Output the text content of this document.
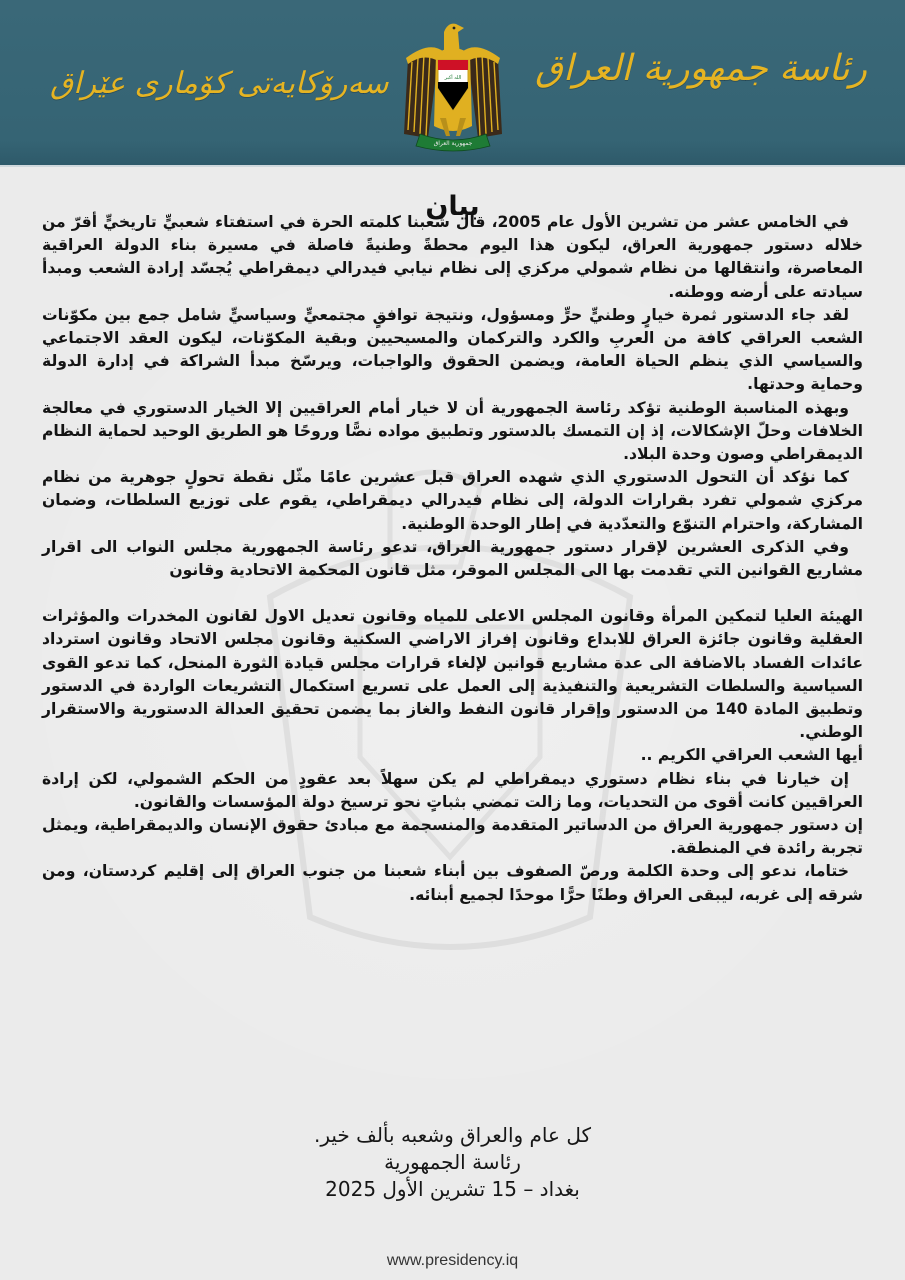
سەرۆکایەتی کۆماری عێراق	الله أكبر
جمهورية العراق
رئاسة جمهورية العراق
بيان

في الخامس عشر من تشرين الأول عام 2005، قال شعبنا كلمته الحرة في استفتاء شعبيٍّ تاريخيٍّ أقرّ من خلاله دستور جمهورية العراق، ليكون هذا اليوم محطةً وطنيةً فاصلة في مسيرة بناء الدولة العراقية المعاصرة، وانتقالها من نظام شمولي مركزي إلى نظام نيابي فيدرالي ديمقراطي يُجسّد إرادة الشعب ومبدأ سيادته على أرضه ووطنه.

لقد جاء الدستور ثمرة خيارٍ وطنيٍّ حرٍّ ومسؤول، ونتيجة توافقٍ مجتمعيٍّ وسياسيٍّ شامل جمع بين مكوّنات الشعب العراقي كافة من العربِ والكرد والتركمان والمسيحيين وبقية المكوّنات، ليكون العقد الاجتماعي والسياسي الذي ينظم الحياة العامة، ويضمن الحقوق والواجبات، ويرسّخ مبدأ الشراكة في إدارة الدولة وحماية وحدتها.

وبهذه المناسبة الوطنية تؤكد رئاسة الجمهورية أن لا خيار أمام العراقيين إلا الخيار الدستوري في معالجة الخلافات وحلّ الإشكالات، إذ إن التمسك بالدستور وتطبيق مواده نصًّا وروحًا هو الطريق الوحيد لحماية النظام الديمقراطي وصون وحدة البلاد.

كما نؤكد أن التحول الدستوري الذي شهده العراق قبل عشرين عامًا مثّل نقطة تحولٍ جوهرية من نظام مركزي شمولي تفرد بقرارات الدولة، إلى نظام فيدرالي ديمقراطي، يقوم على توزيع السلطات، وضمان المشاركة، واحترام التنوّع والتعدّدية في إطار الوحدة الوطنية.

وفي الذكرى العشرين لإقرار دستور جمهورية العراق، تدعو رئاسة الجمهورية مجلس النواب الى اقرار مشاريع القوانين التي تقدمت بها الى المجلس الموقر، مثل قانون المحكمة الاتحادية وقانون

الهيئة العليا لتمكين المرأة وقانون المجلس الاعلى للمياه وقانون تعديل الاول لقانون المخدرات والمؤثرات العقلية وقانون جائزة العراق للابداع وقانون إفراز الاراضي السكنية وقانون مجلس الاتحاد وقانون استرداد عائدات الفساد بالاضافة الى عدة مشاريع قوانين لإلغاء قرارات مجلس قيادة الثورة المنحل، كما تدعو القوى السياسية والسلطات التشريعية والتنفيذية إلى العمل على تسريع استكمال التشريعات الواردة في الدستور وتطبيق المادة 140 من الدستور وإقرار قانون النفط والغاز بما يضمن تحقيق العدالة الدستورية والاستقرار الوطني.

أيها الشعب العراقي الكريم ..

إن خيارنا في بناء نظام دستوري ديمقراطي لم يكن سهلاً بعد عقودٍ من الحكم الشمولي، لكن إرادة العراقيين كانت أقوى من التحديات، وما زالت تمضي بثباتٍ نحو ترسيخ دولة المؤسسات والقانون.

إن دستور جمهورية العراق من الدساتير المتقدمة والمنسجمة مع مبادئ حقوق الإنسان والديمقراطية، ويمثل تجربة رائدة في المنطقة.

ختاما، ندعو إلى وحدة الكلمة ورصّ الصفوف بين أبناء شعبنا من جنوب العراق إلى إقليم كردستان، ومن شرقه إلى غربه، ليبقى العراق وطنًا حرًّا موحدًا لجميع أبنائه.

كل عام والعراق وشعبه بألف خير.
رئاسة الجمهورية
بغداد – 15 تشرين الأول 2025
www.presidency.iq
